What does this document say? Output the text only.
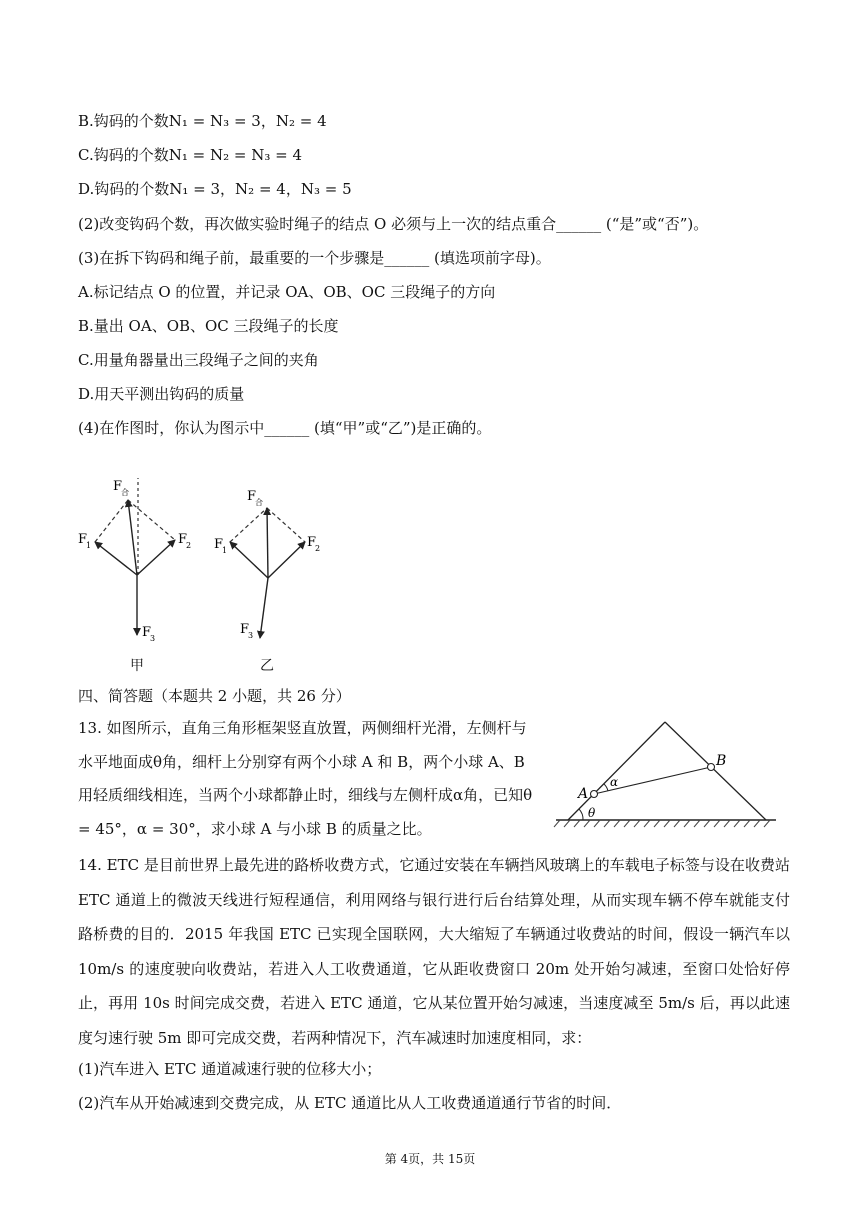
B.钩码的个数N₁ = N₃ = 3，N₂ = 4
C.钩码的个数N₁ = N₂ = N₃ = 4
D.钩码的个数N₁ = 3，N₂ = 4，N₃ = 5
(2)改变钩码个数，再次做实验时绳子的结点 O 必须与上一次的结点重合______ (“是”或“否”)。
(3)在拆下钩码和绳子前，最重要的一个步骤是______ (填选项前字母)。
A.标记结点 O 的位置，并记录 OA、OB、OC 三段绳子的方向
B.量出 OA、OB、OC 三段绳子的长度
C.用量角器量出三段绳子之间的夹角
D.用天平测出钩码的质量
(4)在作图时，你认为图示中______ (填“甲”或“乙”)是正确的。
F
合
F
1	F
2
F
3
甲
F
合
F
1
F
2
F
3
乙
四、简答题（本题共 2 小题，共 26 分）
13. 如图所示，直角三角形框架竖直放置，两侧细杆光滑，左侧杆与水平地面成θ角，细杆上分别穿有两个小球 A 和 B，两个小球 A、B 用轻质细线相连，当两个小球都静止时，细线与左侧杆成α角，已知θ = 45°，α = 30°，求小球 A 与小球 B 的质量之比。
A
B
α
θ
14. ETC 是目前世界上最先进的路桥收费方式，它通过安装在车辆挡风玻璃上的车载电子标签与设在收费站 ETC 通道上的微波天线进行短程通信，利用网络与银行进行后台结算处理，从而实现车辆不停车就能支付路桥费的目的．2015 年我国 ETC 已实现全国联网，大大缩短了车辆通过收费站的时间，假设一辆汽车以 10m/s 的速度驶向收费站，若进入人工收费通道，它从距收费窗口 20m 处开始匀减速，至窗口处恰好停止，再用 10s 时间完成交费，若进入 ETC 通道，它从某位置开始匀减速，当速度减至 5m/s 后，再以此速度匀速行驶 5m 即可完成交费，若两种情况下，汽车减速时加速度相同，求：
(1)汽车进入 ETC 通道减速行驶的位移大小；
(2)汽车从开始减速到交费完成，从 ETC 通道比从人工收费通道通行节省的时间．
第 4页，共 15页
